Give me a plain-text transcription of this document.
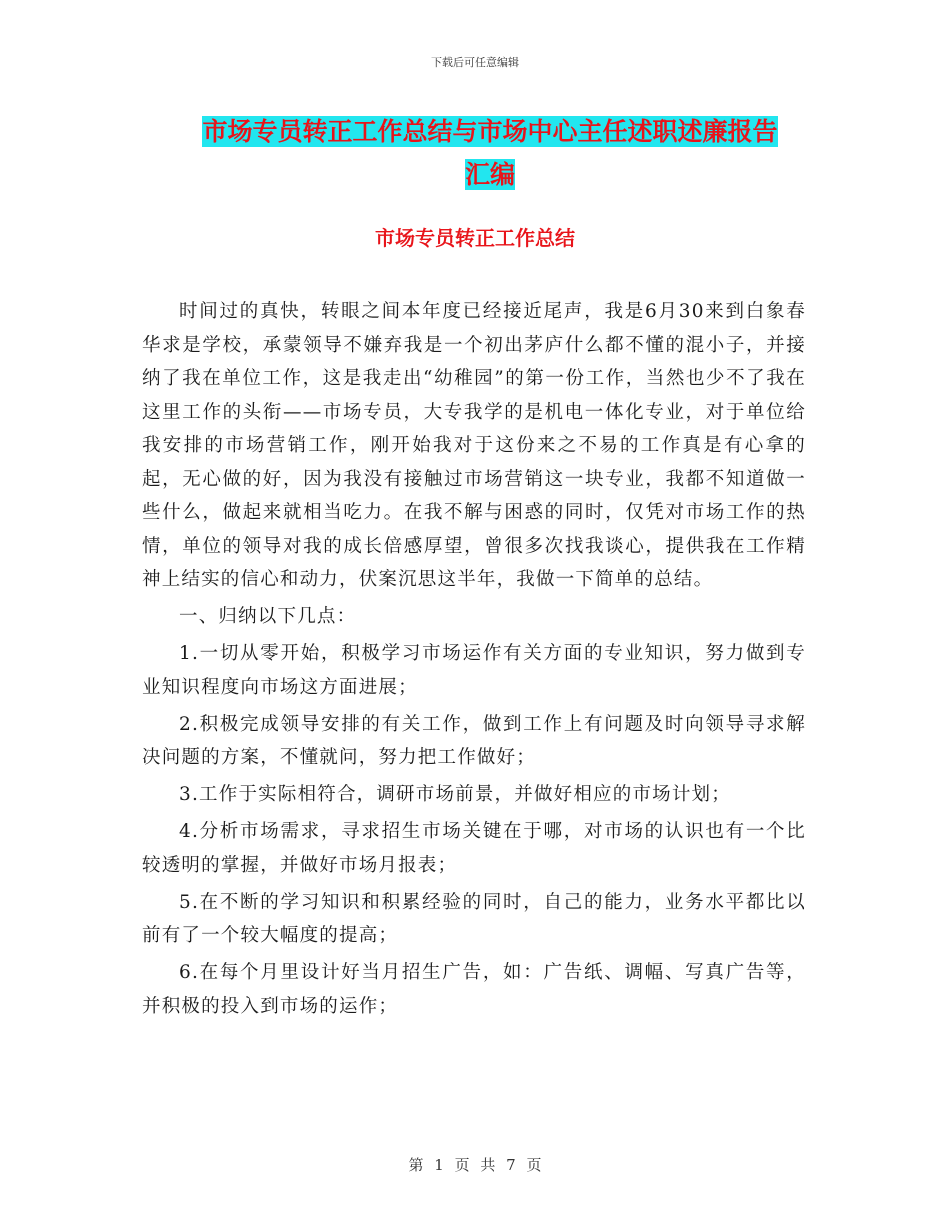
下载后可任意编辑
市场专员转正工作总结与市场中心主任述职述廉报告
汇编
市场专员转正工作总结

时间过的真快，转眼之间本年度已经接近尾声，我是6月30来到白象春华求是学校，承蒙领导不嫌弃我是一个初出茅庐什么都不懂的混小子，并接纳了我在单位工作，这是我走出“幼稚园”的第一份工作，当然也少不了我在这里工作的头衔——市场专员，大专我学的是机电一体化专业，对于单位给我安排的市场营销工作，刚开始我对于这份来之不易的工作真是有心拿的起，无心做的好，因为我没有接触过市场营销这一块专业，我都不知道做一些什么，做起来就相当吃力。在我不解与困惑的同时，仅凭对市场工作的热情，单位的领导对我的成长倍感厚望，曾很多次找我谈心，提供我在工作精神上结实的信心和动力，伏案沉思这半年，我做一下简单的总结。

一、归纳以下几点：

1.一切从零开始，积极学习市场运作有关方面的专业知识，努力做到专业知识程度向市场这方面进展；

2.积极完成领导安排的有关工作，做到工作上有问题及时向领导寻求解决问题的方案，不懂就问，努力把工作做好；

3.工作于实际相符合，调研市场前景，并做好相应的市场计划；

4.分析市场需求，寻求招生市场关键在于哪，对市场的认识也有一个比较透明的掌握，并做好市场月报表；

5.在不断的学习知识和积累经验的同时，自己的能力，业务水平都比以前有了一个较大幅度的提高；

6.在每个月里设计好当月招生广告，如：广告纸、调幅、写真广告等，并积极的投入到市场的运作；

第 1 页 共 7 页
